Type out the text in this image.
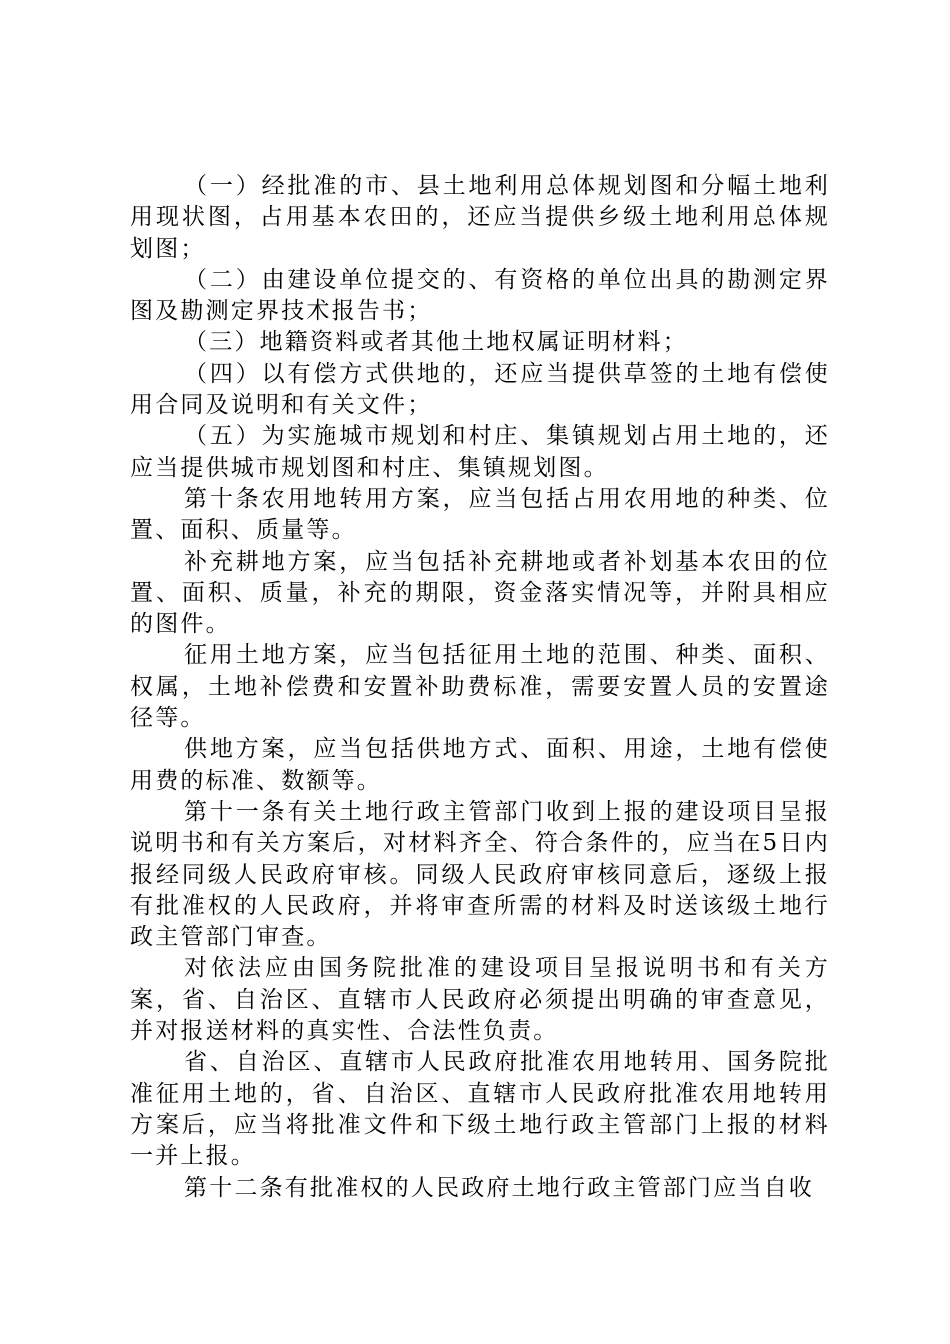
（一）经批准的市、县土地利用总体规划图和分幅土地利用现状图，占用基本农田的，还应当提供乡级土地利用总体规划图；

（二）由建设单位提交的、有资格的单位出具的勘测定界图及勘测定界技术报告书；

（三）地籍资料或者其他土地权属证明材料；

（四）以有偿方式供地的，还应当提供草签的土地有偿使用合同及说明和有关文件；

（五）为实施城市规划和村庄、集镇规划占用土地的，还应当提供城市规划图和村庄、集镇规划图。

第十条农用地转用方案，应当包括占用农用地的种类、位置、面积、质量等。

补充耕地方案，应当包括补充耕地或者补划基本农田的位置、面积、质量，补充的期限，资金落实情况等，并附具相应的图件。

征用土地方案，应当包括征用土地的范围、种类、面积、权属，土地补偿费和安置补助费标准，需要安置人员的安置途径等。

供地方案，应当包括供地方式、面积、用途，土地有偿使用费的标准、数额等。

第十一条有关土地行政主管部门收到上报的建设项目呈报说明书和有关方案后，对材料齐全、符合条件的，应当在5日内报经同级人民政府审核。同级人民政府审核同意后，逐级上报有批准权的人民政府，并将审查所需的材料及时送该级土地行政主管部门审查。

对依法应由国务院批准的建设项目呈报说明书和有关方案，省、自治区、直辖市人民政府必须提出明确的审查意见，并对报送材料的真实性、合法性负责。

省、自治区、直辖市人民政府批准农用地转用、国务院批准征用土地的，省、自治区、直辖市人民政府批准农用地转用方案后，应当将批准文件和下级土地行政主管部门上报的材料一并上报。

第十二条有批准权的人民政府土地行政主管部门应当自收
